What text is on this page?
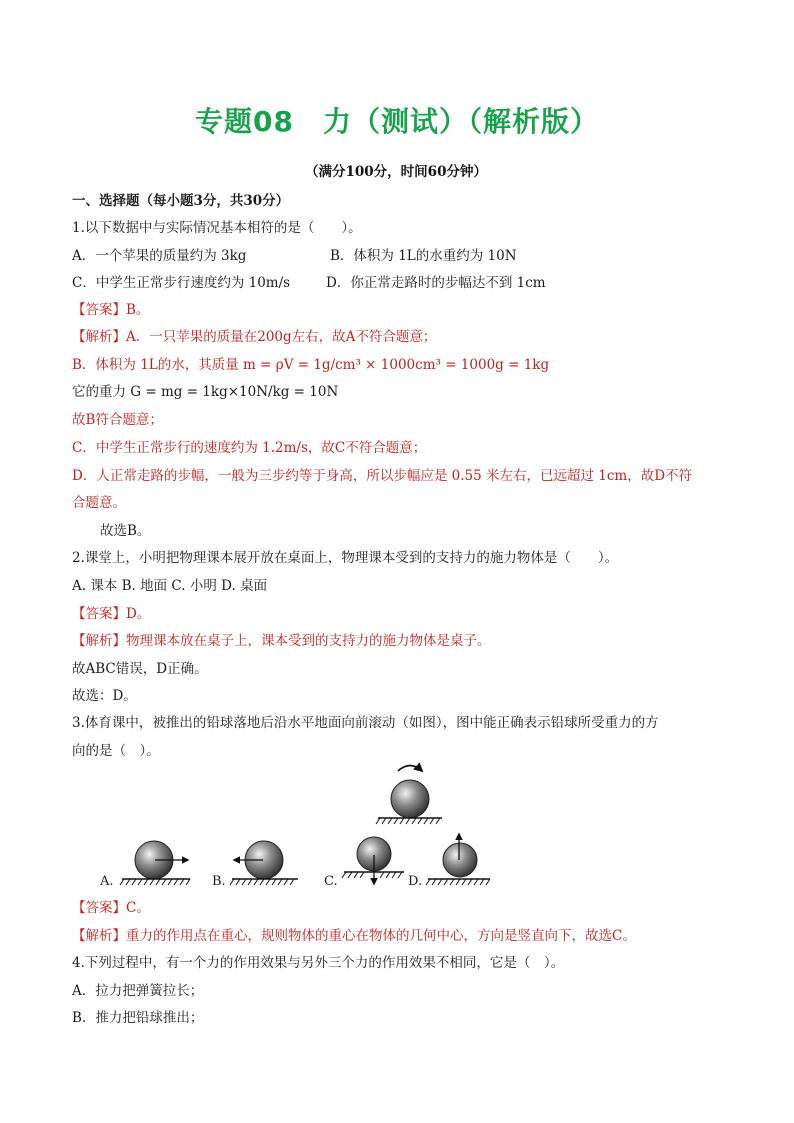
专题08　力（测试）（解析版）
（满分100分，时间60分钟）
一、选择题（每小题3分，共30分）
1.以下数据中与实际情况基本相符的是（　　）。
A．一个苹果的质量约为 3kg	B．体积为 1L的水重约为 10N
C．中学生正常步行速度约为 10m/s	D．你正常走路时的步幅达不到 1cm
【答案】B。
【解析】A．一只苹果的质量在200g左右，故A不符合题意；
B．体积为 1L的水，其质量 m = ρV = 1g/cm³ × 1000cm³ = 1000g = 1kg
它的重力 G = mg = 1kg×10N/kg = 10N
故B符合题意；
C．中学生正常步行的速度约为 1.2m/s，故C不符合题意；
D．人正常走路的步幅，一般为三步约等于身高，所以步幅应是 0.55 米左右，已远超过 1cm，故D不符
合题意。
故选B。
2.课堂上，小明把物理课本展开放在桌面上，物理课本受到的支持力的施力物体是（　　）。
A. 课本 B. 地面 C. 小明 D. 桌面
【答案】D。
【解析】物理课本放在桌子上，课本受到的支持力的施力物体是桌子。
故ABC错误，D正确。
故选：D。
3.体育课中，被推出的铅球落地后沿水平地面向前滚动（如图），图中能正确表示铅球所受重力的方
向的是（　）。
A.	B.	C.	D.
【答案】C。
【解析】重力的作用点在重心，规则物体的重心在物体的几何中心，方向是竖直向下，故选C。
4.下列过程中，有一个力的作用效果与另外三个力的作用效果不相同，它是（　）。
A．拉力把弹簧拉长；
B．推力把铅球推出；
